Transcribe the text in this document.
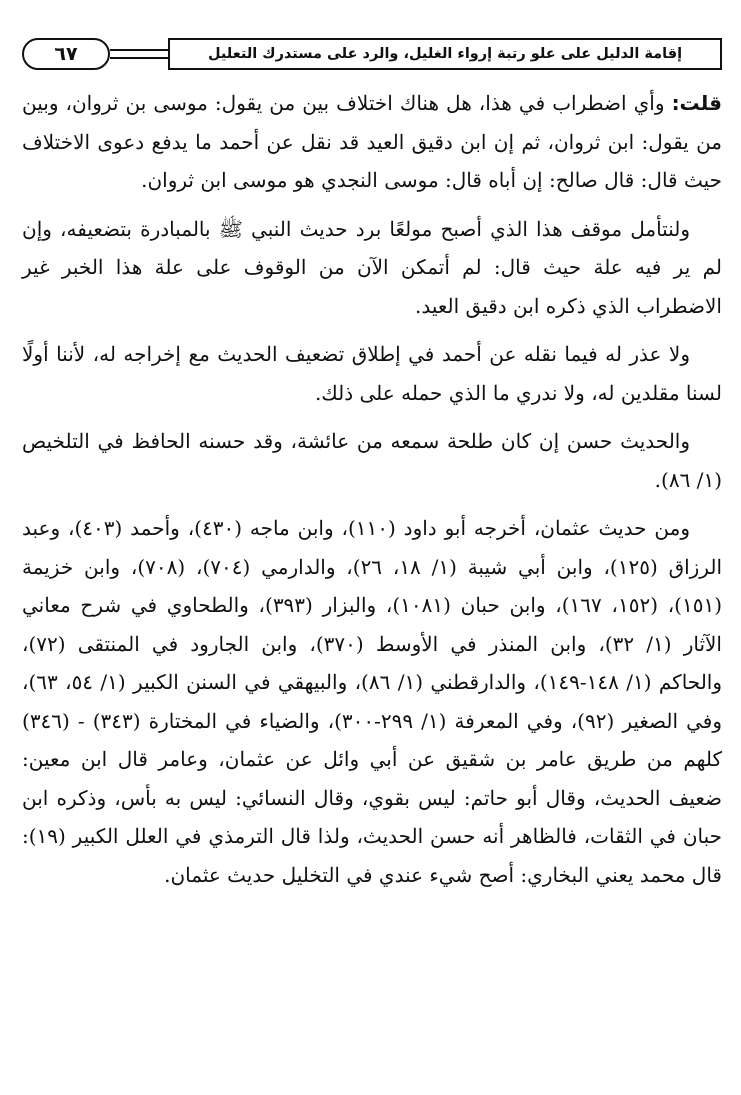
٦٧	إقامة الدليل على علو رتبة إرواء الغليل، والرد على مستدرك التعليل

قلت: وأي اضطراب في هذا، هل هناك اختلاف بين من يقول: موسى بن ثروان، وبين من يقول: ابن ثروان، ثم إن ابن دقيق العيد قد نقل عن أحمد ما يدفع دعوى الاختلاف حيث قال: قال صالح: إن أباه قال: موسى النجدي هو موسى ابن ثروان.

ولنتأمل موقف هذا الذي أصبح مولعًا برد حديث النبي ﷺ بالمبادرة بتضعيفه، وإن لم ير فيه علة حيث قال: لم أتمكن الآن من الوقوف على علة هذا الخبر غير الاضطراب الذي ذكره ابن دقيق العيد.

ولا عذر له فيما نقله عن أحمد في إطلاق تضعيف الحديث مع إخراجه له، لأننا أولًا لسنا مقلدين له، ولا ندري ما الذي حمله على ذلك.

والحديث حسن إن كان طلحة سمعه من عائشة، وقد حسنه الحافظ في التلخيص (١/ ٨٦).

ومن حديث عثمان، أخرجه أبو داود (١١٠)، وابن ماجه (٤٣٠)، وأحمد (٤٠٣)، وعبد الرزاق (١٢٥)، وابن أبي شيبة (١/ ١٨، ٢٦)، والدارمي (٧٠٤)، (٧٠٨)، وابن خزيمة (١٥١)، (١٥٢، ١٦٧)، وابن حبان (١٠٨١)، والبزار (٣٩٣)، والطحاوي في شرح معاني الآثار (١/ ٣٢)، وابن المنذر في الأوسط (٣٧٠)، وابن الجارود في المنتقى (٧٢)، والحاكم (١/ ١٤٨-١٤٩)، والدارقطني (١/ ٨٦)، والبيهقي في السنن الكبير (١/ ٥٤، ٦٣)، وفي الصغير (٩٢)، وفي المعرفة (١/ ٢٩٩-٣٠٠)، والضياء في المختارة (٣٤٣) - (٣٤٦) كلهم من طريق عامر بن شقيق عن أبي وائل عن عثمان، وعامر قال ابن معين: ضعيف الحديث، وقال أبو حاتم: ليس بقوي، وقال النسائي: ليس به بأس، وذكره ابن حبان في الثقات، فالظاهر أنه حسن الحديث، ولذا قال الترمذي في العلل الكبير (١٩): قال محمد يعني البخاري: أصح شيء عندي في التخليل حديث عثمان.
